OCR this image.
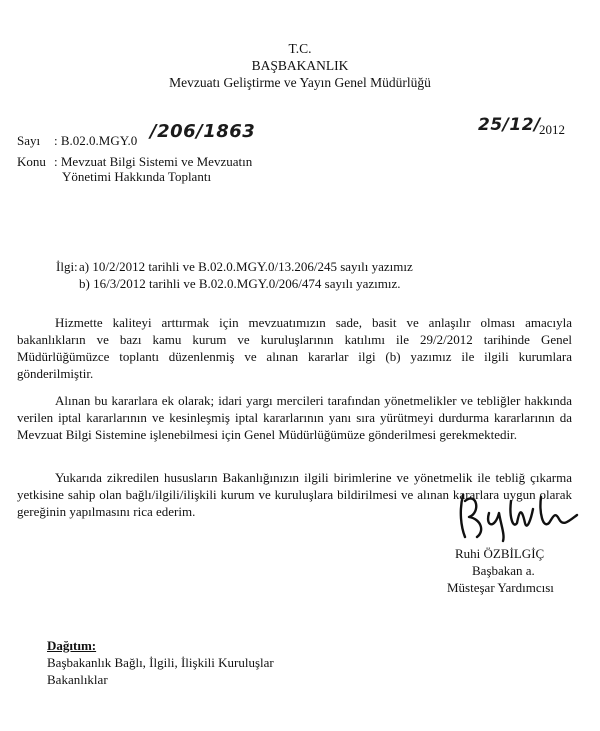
T.C.
BAŞBAKANLIK
Mevzuatı Geliştirme ve Yayın Genel Müdürlüğü
Sayı : B.02.0.MGY.0 /206/1863	25/12/
2012
Konu : Mevzuat Bilgi Sistemi ve Mevzuatın
Yönetimi Hakkında Toplantı
İlgi: a) 10/2/2012 tarihli ve B.02.0.MGY.0/13.206/245 sayılı yazımız
b) 16/3/2012 tarihli ve B.02.0.MGY.0/206/474 sayılı yazımız.
Hizmette kaliteyi arttırmak için mevzuatımızın sade, basit ve anlaşılır olması amacıyla bakanlıkların ve bazı kamu kurum ve kuruluşlarının katılımı ile 29/2/2012 tarihinde Genel Müdürlüğümüzce toplantı düzenlenmiş ve alınan kararlar ilgi (b) yazımız ile ilgili kurumlara gönderilmiştir.
Alınan bu kararlara ek olarak; idari yargı mercileri tarafından yönetmelikler ve tebliğler hakkında verilen iptal kararlarının ve kesinleşmiş iptal kararlarının yanı sıra yürütmeyi durdurma kararlarının da Mevzuat Bilgi Sistemine işlenebilmesi için Genel Müdürlüğümüze gönderilmesi gerekmektedir.
Yukarıda zikredilen hususların Bakanlığınızın ilgili birimlerine ve yönetmelik ile tebliğ çıkarma yetkisine sahip olan bağlı/ilgili/ilişkili kurum ve kuruluşlara bildirilmesi ve alınan kararlara uygun olarak gereğinin yapılmasını rica ederim.
Ruhi ÖZBİLGİÇ
Başbakan a.
Müsteşar Yardımcısı
Dağıtım:
Başbakanlık Bağlı, İlgili, İlişkili Kuruluşlar
Bakanlıklar
